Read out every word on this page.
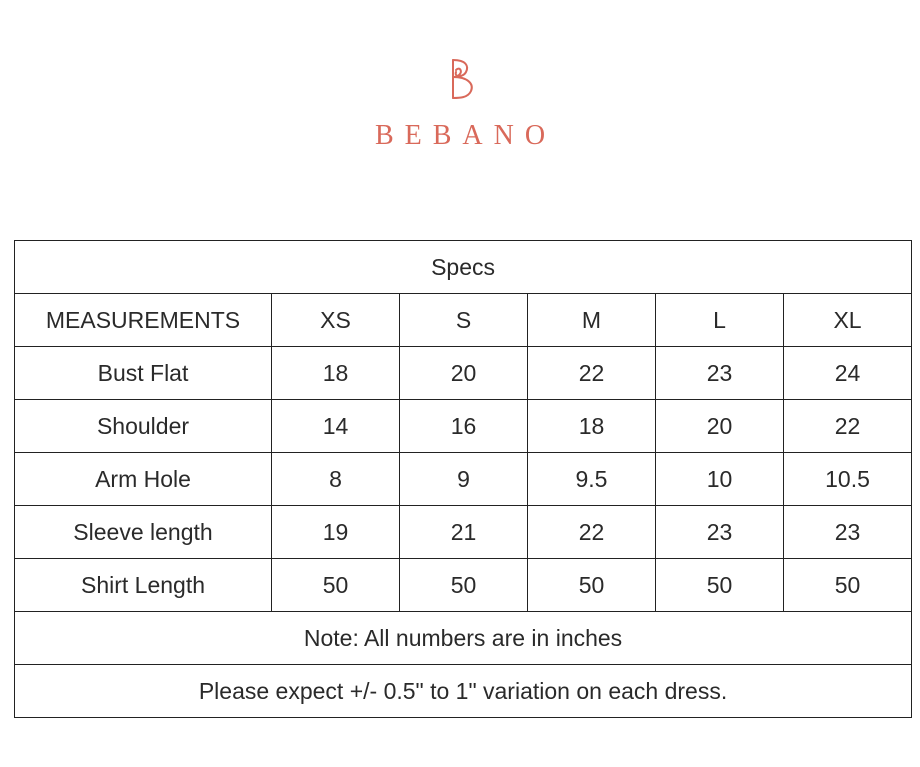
BEBANO
Specs					
MEASUREMENTS	XS	S	M	L	XL
Bust Flat	18	20	22	23	24
Shoulder	14	16	18	20	22
Arm Hole	8	9	9.5	10	10.5
Sleeve length	19	21	22	23	23
Shirt Length	50	50	50	50	50
Note: All numbers are in inches					
Please expect +/- 0.5" to 1" variation on each dress.					
